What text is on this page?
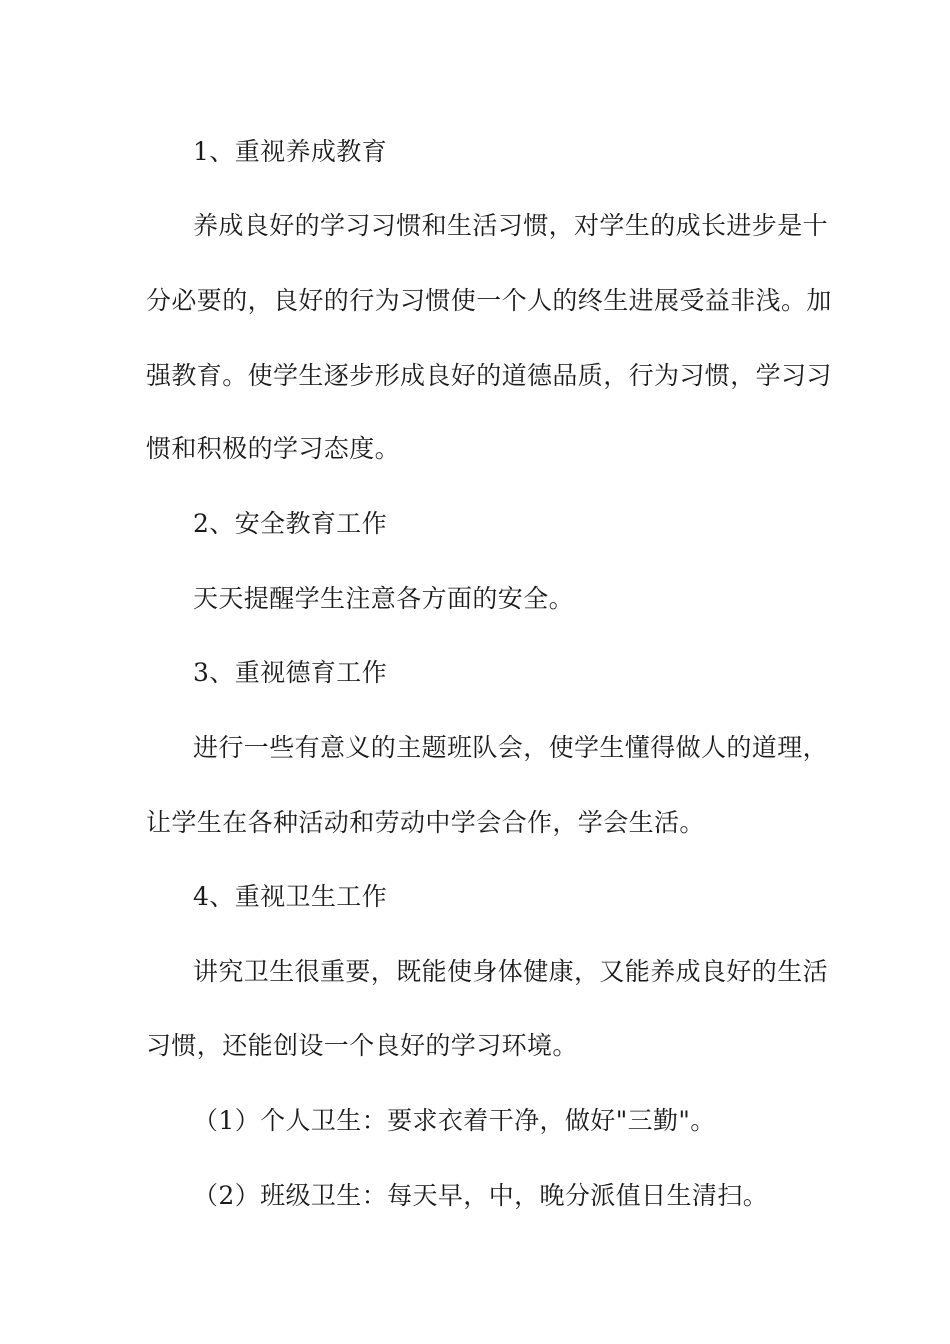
1、重视养成教育
养成良好的学习习惯和生活习惯，对学生的成长进步是十
分必要的，良好的行为习惯使一个人的终生进展受益非浅。加
强教育。使学生逐步形成良好的道德品质，行为习惯，学习习
惯和积极的学习态度。
2、安全教育工作
天天提醒学生注意各方面的安全。
3、重视德育工作
进行一些有意义的主题班队会，使学生懂得做人的道理，
让学生在各种活动和劳动中学会合作，学会生活。
4、重视卫生工作
讲究卫生很重要，既能使身体健康，又能养成良好的生活
习惯，还能创设一个良好的学习环境。
（1）个人卫生：要求衣着干净，做好"三勤"。
（2）班级卫生：每天早，中，晚分派值日生清扫。
